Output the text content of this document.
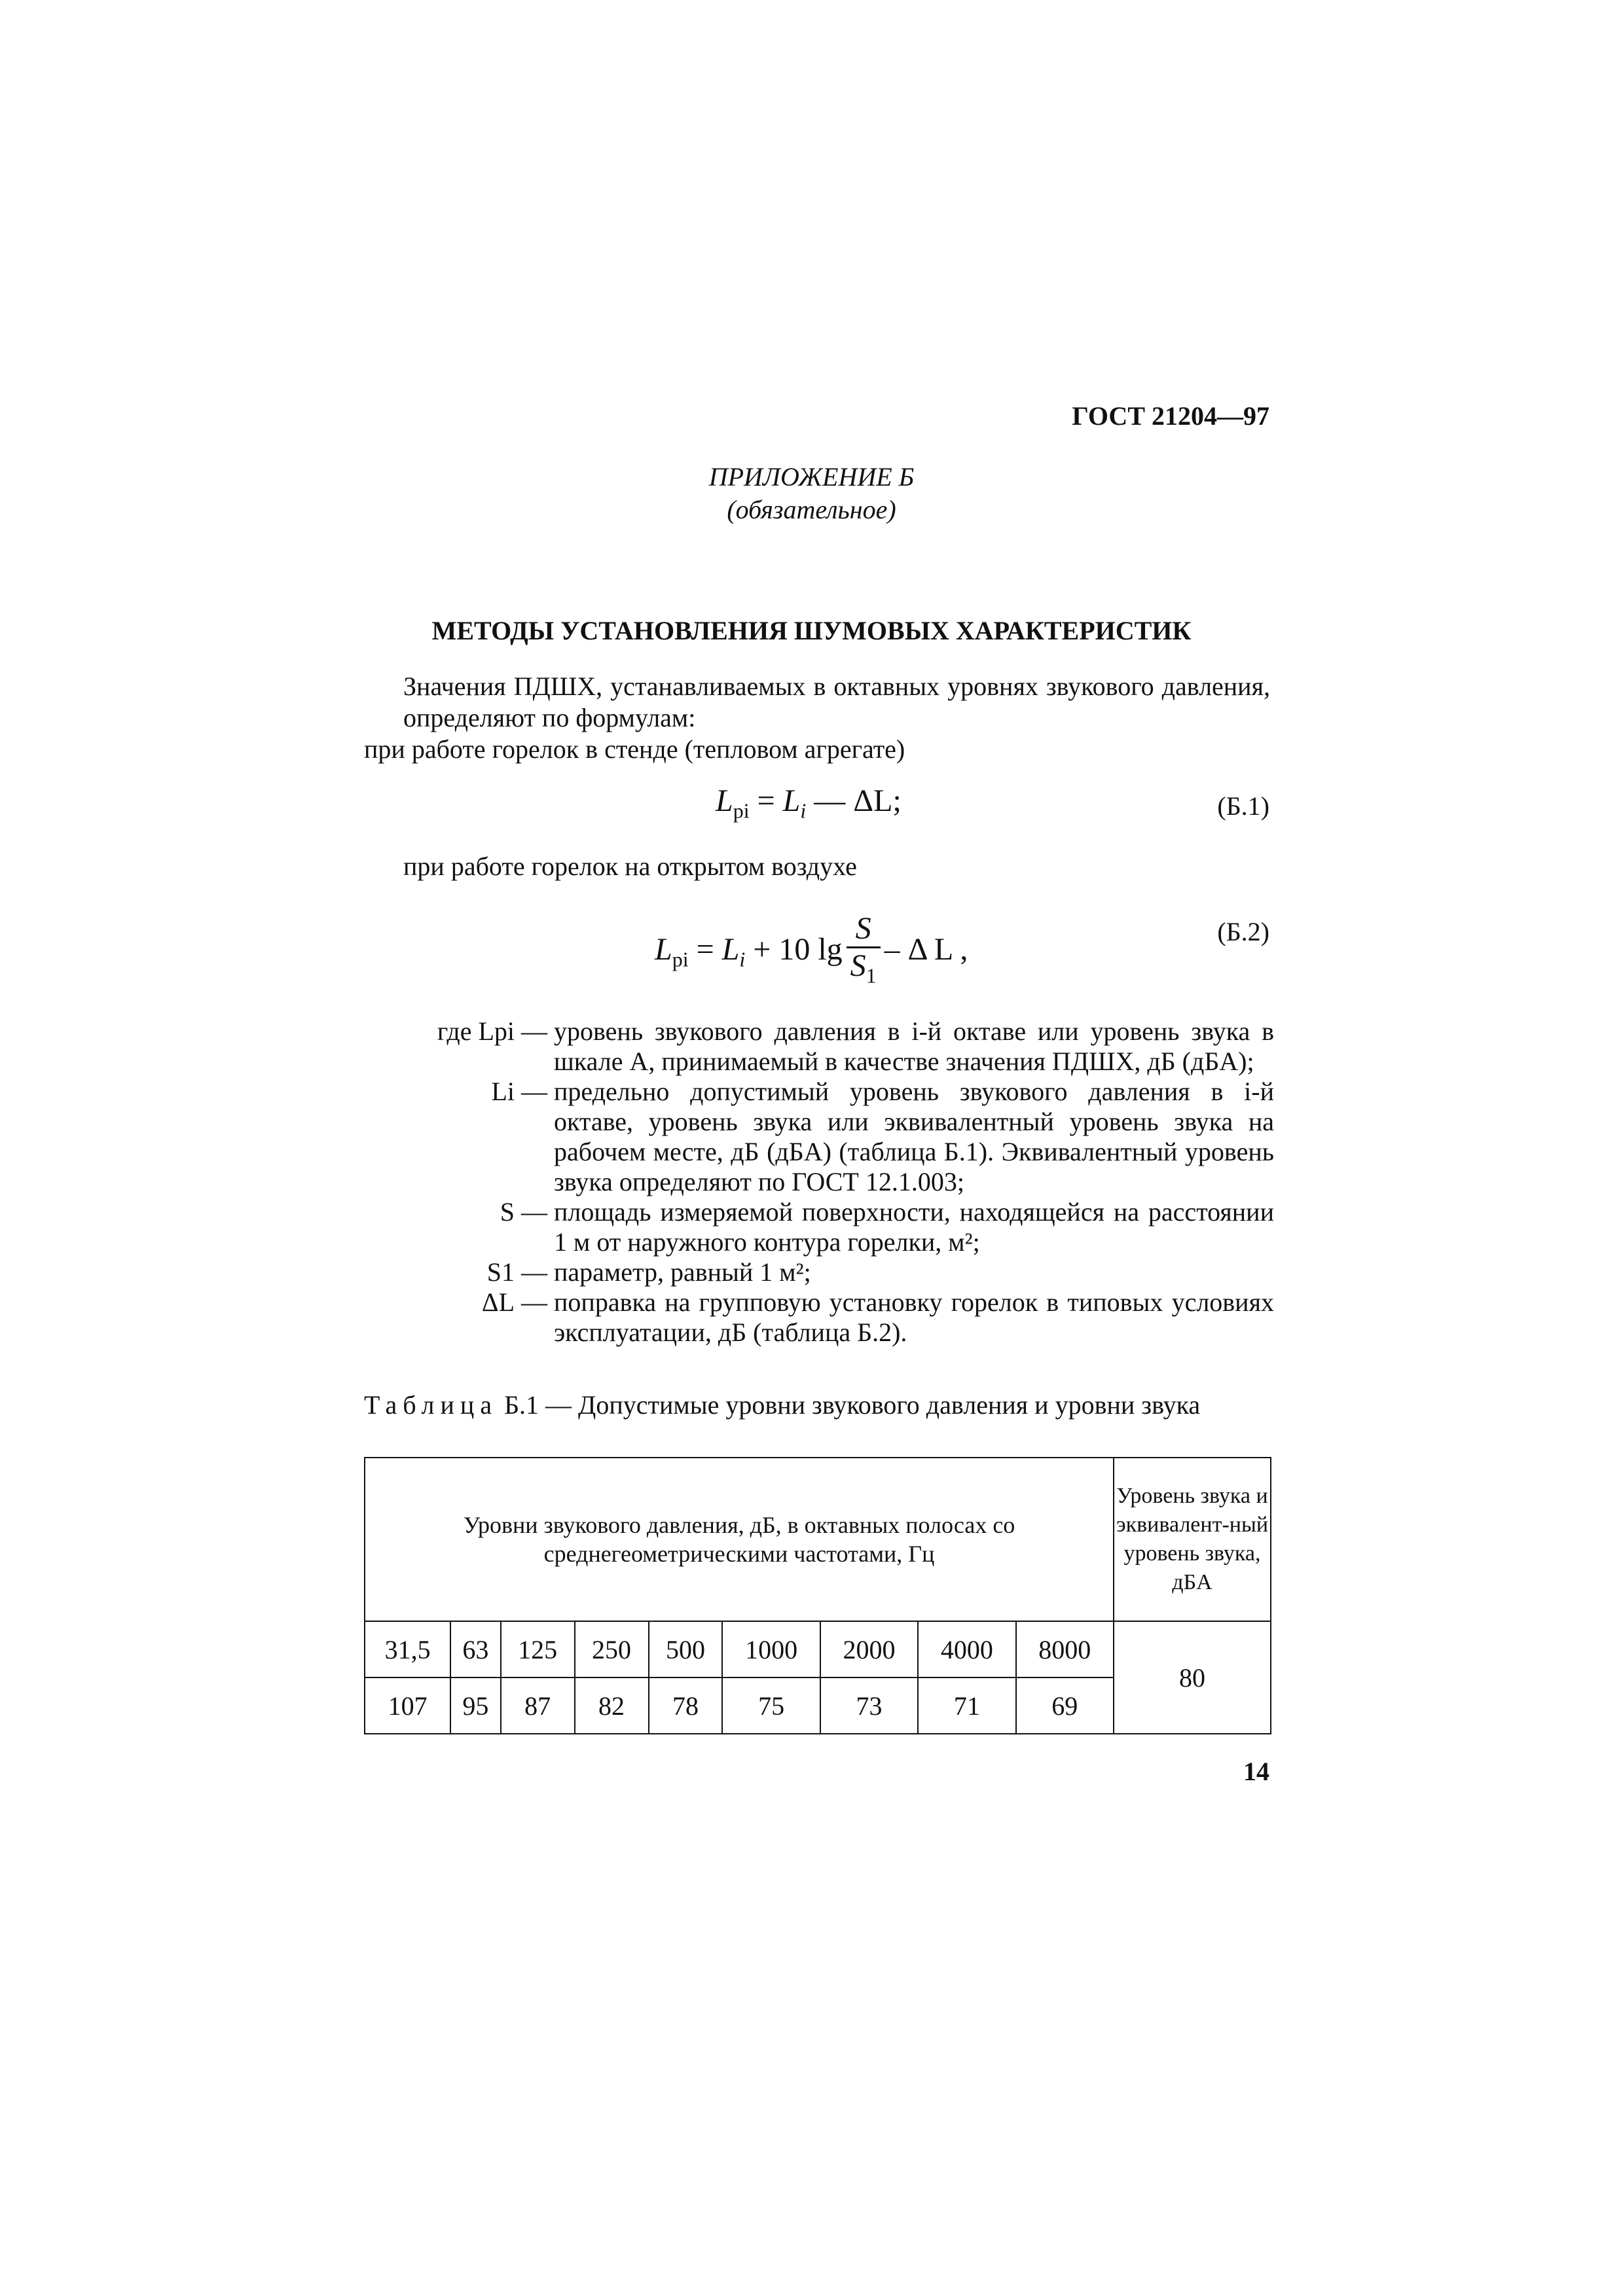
ГОСТ 21204—97
ПРИЛОЖЕНИЕ Б
(обязательное)
МЕТОДЫ УСТАНОВЛЕНИЯ ШУМОВЫХ ХАРАКТЕРИСТИК
Значения ПДШХ, устанавливаемых в октавных уровнях звукового давления, определяют по формулам:
при работе горелок в стенде (тепловом агрегате)
$L_{pi} = L_i$ — ΔL;	(Б.1)
при работе горелок на открытом воздухе
$L_{pi} = L_i + 10$ $\lg \frac{S}{S_1}$ – Δ L ,
(Б.2)
где Lpi — уровень звукового давления в i-й октаве или уровень звука в шкале A, принимаемый в качестве значения ПДШХ, дБ (дБA);
Li — предельно допустимый уровень звукового давления в i-й октаве, уровень звука или эквивалентный уровень звука на рабочем месте, дБ (дБA) (таблица Б.1). Эквивалентный уровень звука определяют по ГОСТ 12.1.003;
S — площадь измеряемой поверхности, находящейся на расстоянии 1 м от наружного контура горелки, м²;
S1 — параметр, равный 1 м²;
ΔL — поправка на групповую установку горелок в типовых условиях эксплуатации, дБ (таблица Б.2).
Таблица Б.1 — Допустимые уровни звукового давления и уровни звука
Уровни звукового давления, дБ, в октавных полосах со среднегеометрическими частотами, Гц									Уровень звука и эквивалент-ный уровень звука, дБA
31,5	63	125	250	500	1000	2000	4000	8000	80
107	95	87	82	78	75	73	71	69	
14
